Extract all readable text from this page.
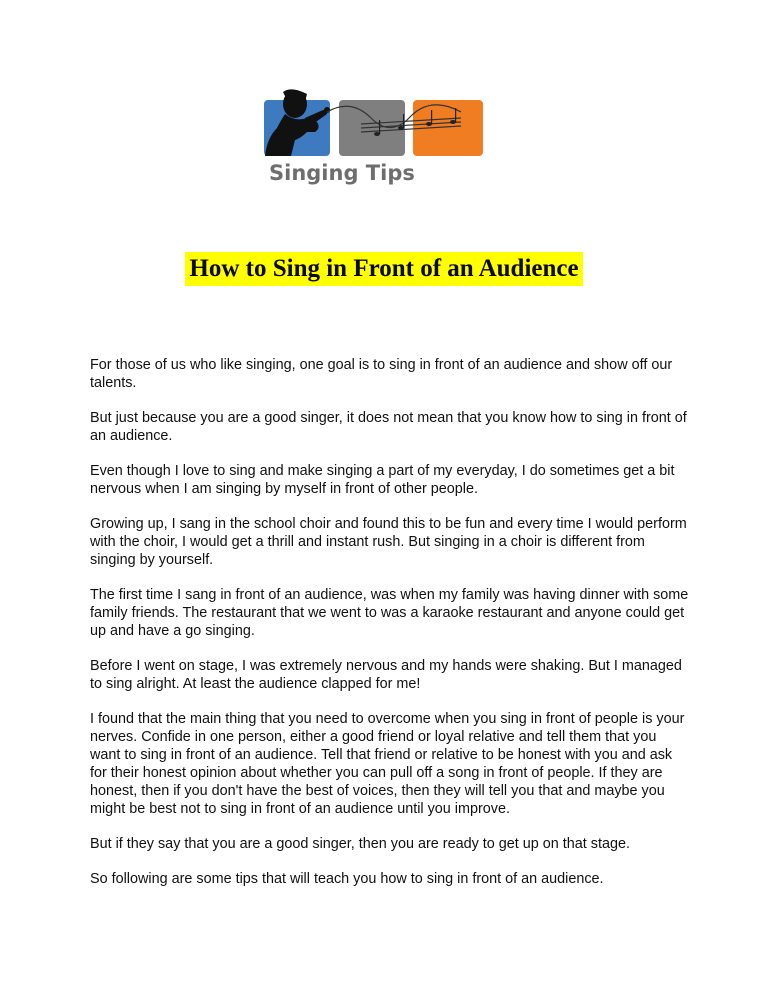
Singing Tips
How to Sing in Front of an Audience

For those of us who like singing, one goal is to sing in front of an audience and show off our talents.

But just because you are a good singer, it does not mean that you know how to sing in front of an audience.

Even though I love to sing and make singing a part of my everyday, I do sometimes get a bit nervous when I am singing by myself in front of other people.

Growing up, I sang in the school choir and found this to be fun and every time I would perform with the choir, I would get a thrill and instant rush. But singing in a choir is different from singing by yourself.

The first time I sang in front of an audience, was when my family was having dinner with some family friends. The restaurant that we went to was a karaoke restaurant and anyone could get up and have a go singing.

Before I went on stage, I was extremely nervous and my hands were shaking. But I managed to sing alright. At least the audience clapped for me!

I found that the main thing that you need to overcome when you sing in front of people is your nerves. Confide in one person, either a good friend or loyal relative and tell them that you want to sing in front of an audience. Tell that friend or relative to be honest with you and ask for their honest opinion about whether you can pull off a song in front of people. If they are honest, then if you don't have the best of voices, then they will tell you that and maybe you might be best not to sing in front of an audience until you improve.

But if they say that you are a good singer, then you are ready to get up on that stage.

So following are some tips that will teach you how to sing in front of an audience.
